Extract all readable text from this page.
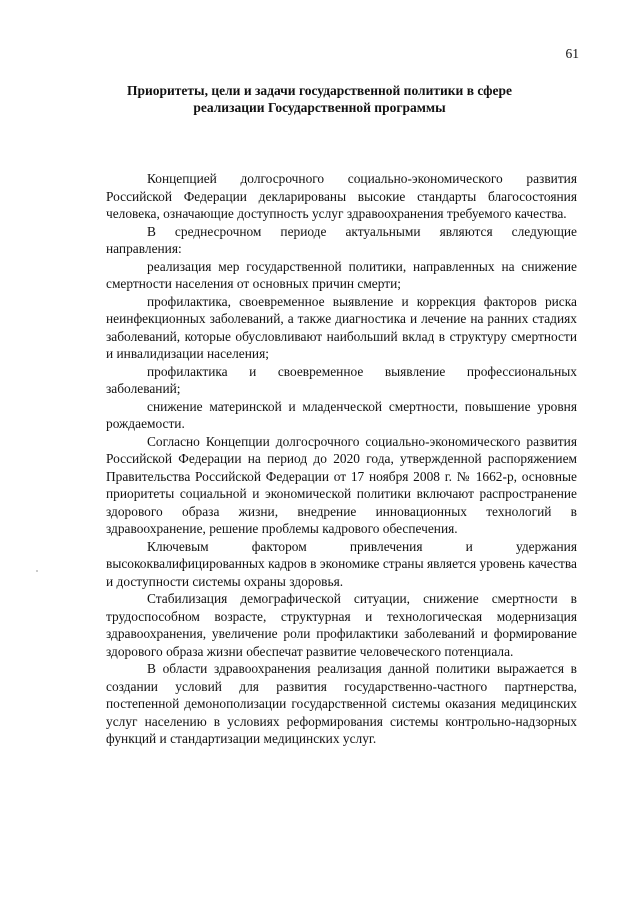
61
Приоритеты, цели и задачи государственной политики в сфере реализации Государственной программы

Концепцией долгосрочного социально-экономического развития Российской Федерации декларированы высокие стандарты благосостояния человека, означающие доступность услуг здравоохранения требуемого качества.

В среднесрочном периоде актуальными являются следующие направления:

реализация мер государственной политики, направленных на снижение смертности населения от основных причин смерти;

профилактика, своевременное выявление и коррекция факторов риска неинфекционных заболеваний, а также диагностика и лечение на ранних стадиях заболеваний, которые обусловливают наибольший вклад в структуру смертности и инвалидизации населения;

профилактика и своевременное выявление профессиональных заболеваний;

снижение материнской и младенческой смертности, повышение уровня рождаемости.

Согласно Концепции долгосрочного социально-экономического развития Российской Федерации на период до 2020 года, утвержденной распоряжением Правительства Российской Федерации от 17 ноября 2008 г. № 1662-р, основные приоритеты социальной и экономической политики включают распространение здорового образа жизни, внедрение инновационных технологий в здравоохранение, решение проблемы кадрового обеспечения.

Ключевым фактором привлечения и удержания высококвалифицированных кадров в экономике страны является уровень качества и доступности системы охраны здоровья.

Стабилизация демографической ситуации, снижение смертности в трудоспособном возрасте, структурная и технологическая модернизация здравоохранения, увеличение роли профилактики заболеваний и формирование здорового образа жизни обеспечат развитие человеческого потенциала.

В области здравоохранения реализация данной политики выражается в создании условий для развития государственно-частного партнерства, постепенной демонополизации государственной системы оказания медицинских услуг населению в условиях реформирования системы контрольно-надзорных функций и стандартизации медицинских услуг.
